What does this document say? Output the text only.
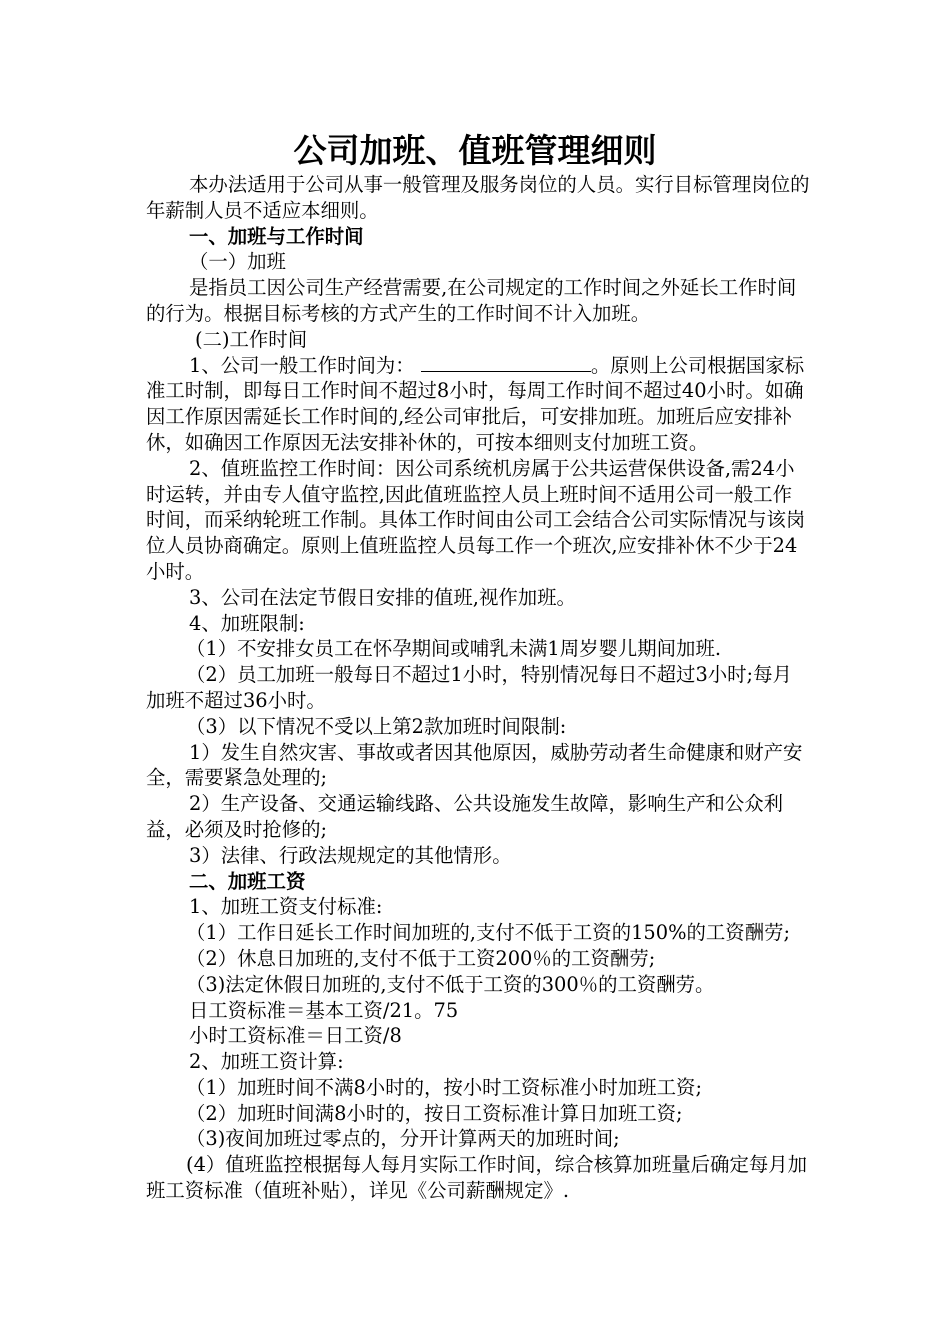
公司加班、值班管理细则

本办法适用于公司从事一般管理及服务岗位的人员。实行目标管理岗位的年薪制人员不适应本细则。

一、加班与工作时间

（一）加班

是指员工因公司生产经营需要,在公司规定的工作时间之外延长工作时间的行为。根据目标考核的方式产生的工作时间不计入加班。

(二)工作时间

1、公司一般工作时间为：	。原则上公司根据国家标准工时制，即每日工作时间不超过8小时，每周工作时间不超过40小时。如确因工作原因需延长工作时间的,经公司审批后，可安排加班。加班后应安排补休，如确因工作原因无法安排补休的，可按本细则支付加班工资。

2、值班监控工作时间：因公司系统机房属于公共运营保供设备,需24小时运转，并由专人值守监控,因此值班监控人员上班时间不适用公司一般工作时间，而采纳轮班工作制。具体工作时间由公司工会结合公司实际情况与该岗位人员协商确定。原则上值班监控人员每工作一个班次,应安排补休不少于24小时。

3、公司在法定节假日安排的值班,视作加班。

4、加班限制:

（1）不安排女员工在怀孕期间或哺乳未满1周岁婴儿期间加班.

（2）员工加班一般每日不超过1小时，特别情况每日不超过3小时;每月加班不超过36小时。

（3）以下情况不受以上第2款加班时间限制:

1）发生自然灾害、事故或者因其他原因，威胁劳动者生命健康和财产安全，需要紧急处理的;

2）生产设备、交通运输线路、公共设施发生故障，影响生产和公众利益，必须及时抢修的;

3）法律、行政法规规定的其他情形。

二、加班工资

1、加班工资支付标准:

（1）工作日延长工作时间加班的,支付不低于工资的150%的工资酬劳;

（2）休息日加班的,支付不低于工资200％的工资酬劳;

（3)法定休假日加班的,支付不低于工资的300％的工资酬劳。

日工资标准＝基本工资/21。75

小时工资标准＝日工资/8

2、加班工资计算:

（1）加班时间不满8小时的，按小时工资标准小时加班工资;

（2）加班时间满8小时的，按日工资标准计算日加班工资;

（3)夜间加班过零点的，分开计算两天的加班时间;

(4）值班监控根据每人每月实际工作时间，综合核算加班量后确定每月加班工资标准（值班补贴），详见《公司薪酬规定》.
